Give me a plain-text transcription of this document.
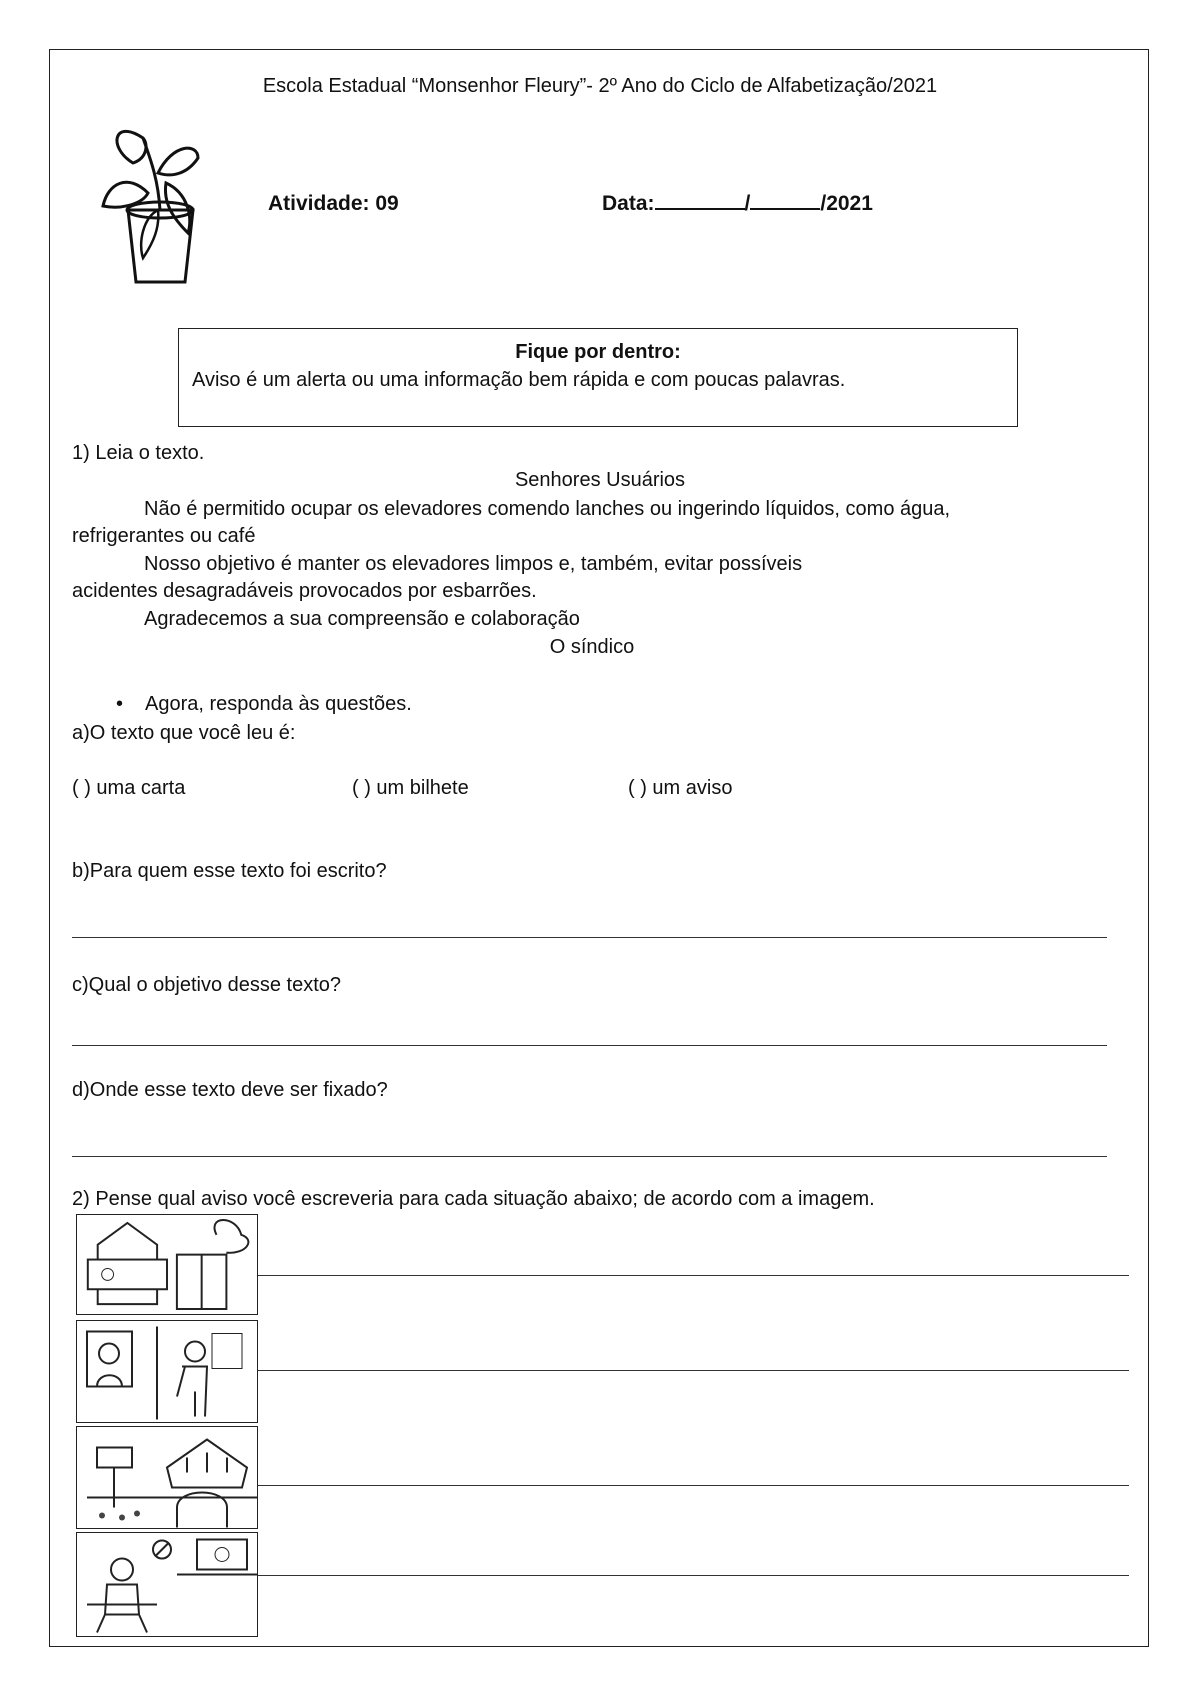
Escola Estadual “Monsenhor Fleury”- 2º Ano do Ciclo de Alfabetização/2021
Atividade: 09	Data:	/	/2021
Fique por dentro:
Aviso é um alerta ou uma informação bem rápida e com poucas palavras.
1) Leia o texto.
Senhores Usuários
Não é permitido ocupar os elevadores comendo lanches ou ingerindo líquidos, como água,
refrigerantes ou café
Nosso objetivo é manter os elevadores limpos e, também, evitar possíveis
acidentes desagradáveis provocados por esbarrões.
Agradecemos a sua compreensão e colaboração
O síndico
• Agora, responda às questões.
a)O texto que você leu é:
( ) uma carta	( ) um bilhete	( ) um aviso
b)Para quem esse texto foi escrito?
c)Qual o objetivo desse texto?
d)Onde esse texto deve ser fixado?
2) Pense qual aviso você escreveria para cada situação abaixo; de acordo com a imagem.
